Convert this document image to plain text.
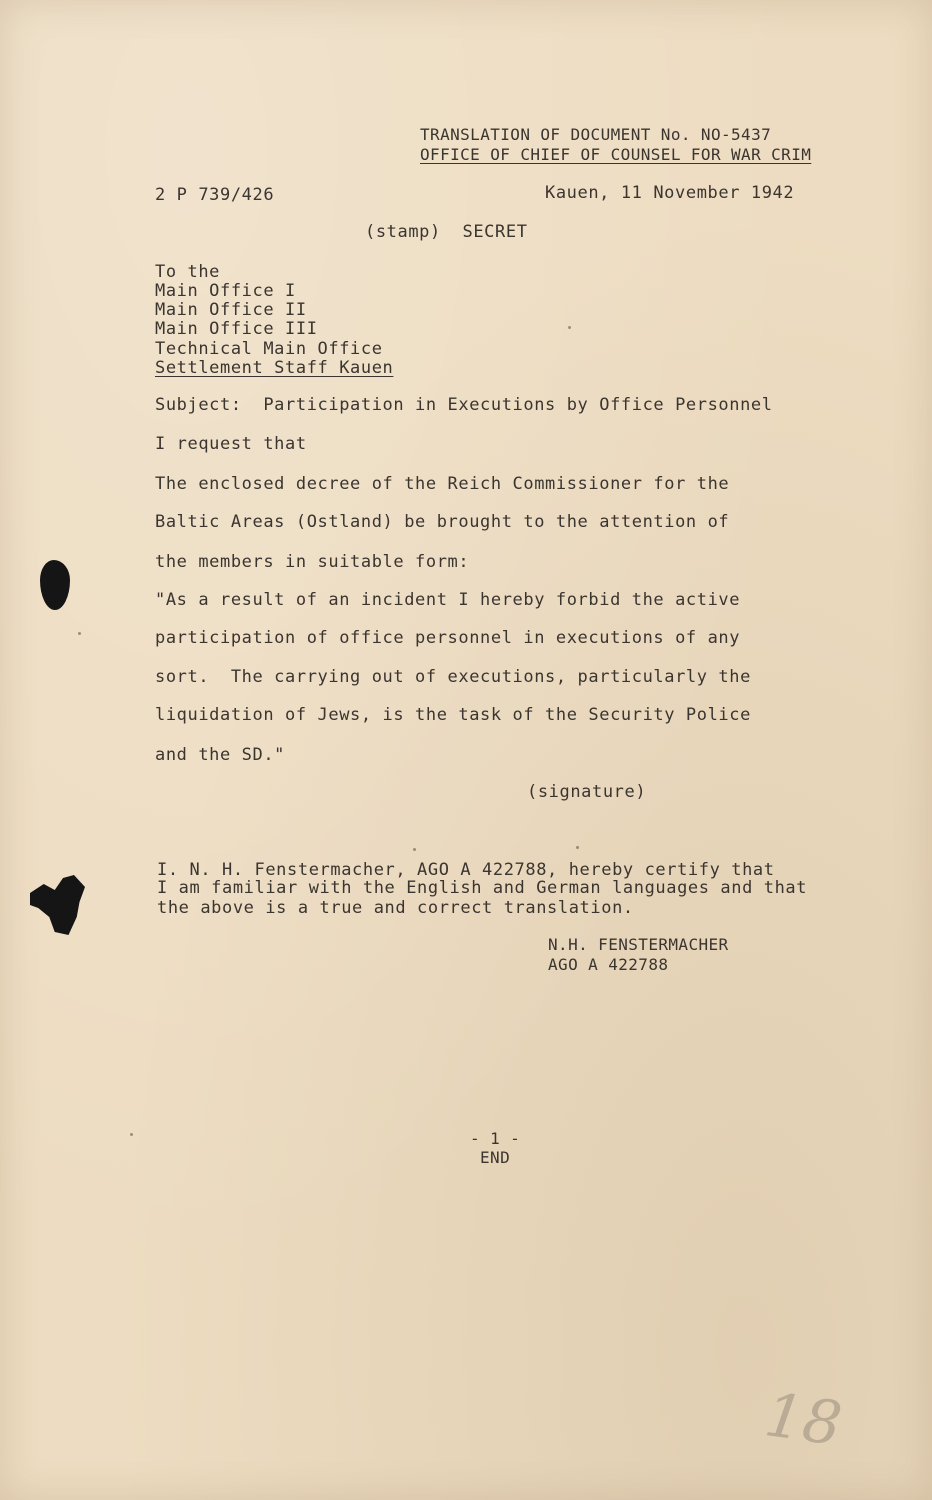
TRANSLATION OF DOCUMENT No. NO-5437
OFFICE OF CHIEF OF COUNSEL FOR WAR CRIM
2 P 739/426	Kauen, 11 November 1942
(stamp)  SECRET
To the
Main Office I
Main Office II
Main Office III
Technical Main Office
Settlement Staff Kauen
Subject:  Participation in Executions by Office Personnel
I request that
The enclosed decree of the Reich Commissioner for the
Baltic Areas (Ostland) be brought to the attention of
the members in suitable form:
"As a result of an incident I hereby forbid the active
participation of office personnel in executions of any
sort.  The carrying out of executions, particularly the
liquidation of Jews, is the task of the Security Police
and the SD."
(signature)
I. N. H. Fenstermacher, AGO A 422788, hereby certify that
I am familiar with the English and German languages and that
the above is a true and correct translation.
N.H. FENSTERMACHER
AGO A 422788
- 1 -
END
18
